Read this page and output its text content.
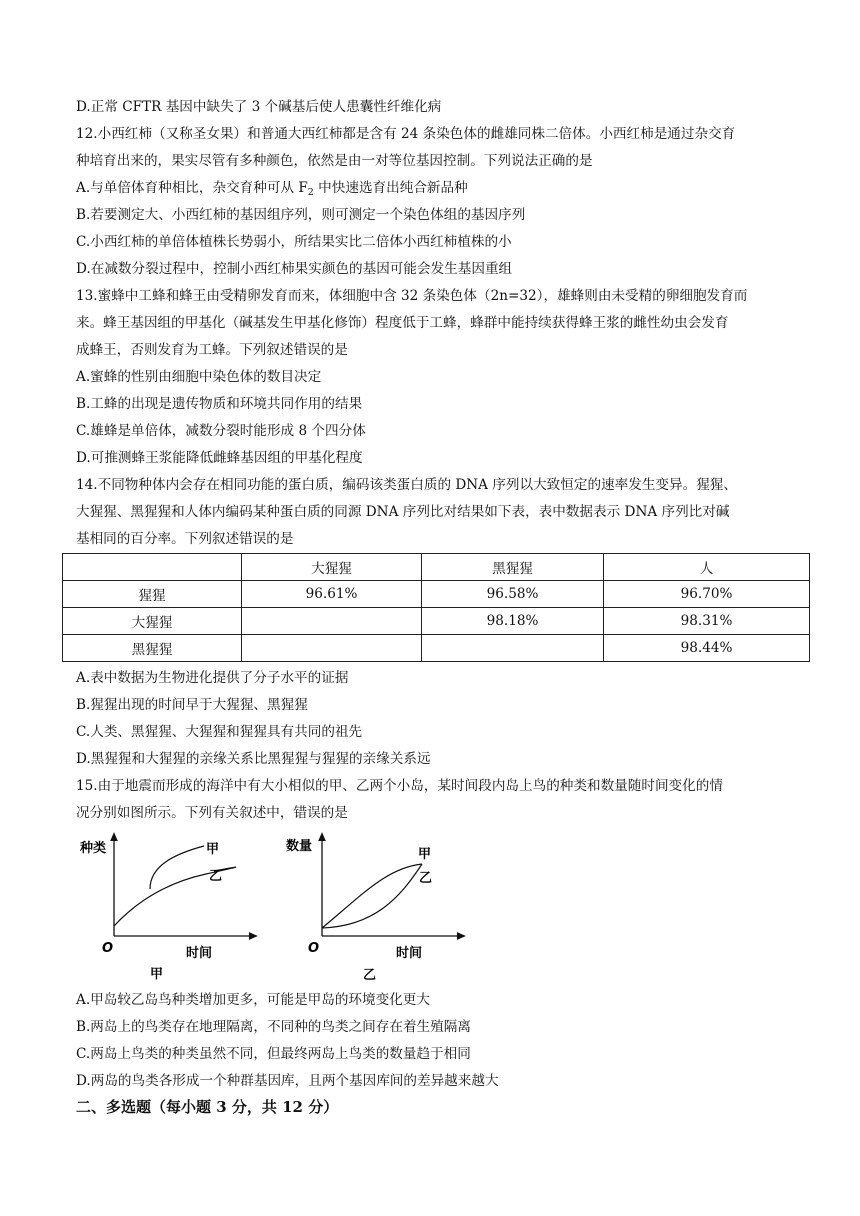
D.正常 CFTR 基因中缺失了 3 个碱基后使人患囊性纤维化病
12.小西红柿（又称圣女果）和普通大西红柿都是含有 24 条染色体的雌雄同株二倍体。小西红柿是通过杂交育
种培育出来的，果实尽管有多种颜色，依然是由一对等位基因控制。下列说法正确的是
A.与单倍体育种相比，杂交育种可从 $F_2$ 中快速选育出纯合新品种
B.若要测定大、小西红柿的基因组序列，则可测定一个染色体组的基因序列
C.小西红柿的单倍体植株长势弱小，所结果实比二倍体小西红柿植株的小
D.在减数分裂过程中，控制小西红柿果实颜色的基因可能会发生基因重组
13.蜜蜂中工蜂和蜂王由受精卵发育而来，体细胞中含 32 条染色体（2n=32），雄蜂则由未受精的卵细胞发育而
来。蜂王基因组的甲基化（碱基发生甲基化修饰）程度低于工蜂，蜂群中能持续获得蜂王浆的雌性幼虫会发育
成蜂王，否则发育为工蜂。下列叙述错误的是
A.蜜蜂的性别由细胞中染色体的数目决定
B.工蜂的出现是遗传物质和环境共同作用的结果
C.雄蜂是单倍体，减数分裂时能形成 8 个四分体
D.可推测蜂王浆能降低雌蜂基因组的甲基化程度
14.不同物种体内会存在相同功能的蛋白质，编码该类蛋白质的 DNA 序列以大致恒定的速率发生变异。猩猩、
大猩猩、黑猩猩和人体内编码某种蛋白质的同源 DNA 序列比对结果如下表，表中数据表示 DNA 序列比对碱
基相同的百分率。下列叙述错误的是
	大猩猩	黑猩猩	人
猩猩	96.61%	96.58%	96.70%
大猩猩		98.18%	98.31%
黑猩猩			98.44%
A.表中数据为生物进化提供了分子水平的证据
B.猩猩出现的时间早于大猩猩、黑猩猩
C.人类、黑猩猩、大猩猩和猩猩具有共同的祖先
D.黑猩猩和大猩猩的亲缘关系比黑猩猩与猩猩的亲缘关系远
15.由于地震而形成的海洋中有大小相似的甲、乙两个小岛，某时间段内岛上鸟的种类和数量随时间变化的情
况分别如图所示。下列有关叙述中，错误的是
种类
时间
O
甲
乙
甲
数量
时间
O
甲
乙
乙
A.甲岛较乙岛鸟种类增加更多，可能是甲岛的环境变化更大
B.两岛上的鸟类存在地理隔离，不同种的鸟类之间存在着生殖隔离
C.两岛上鸟类的种类虽然不同，但最终两岛上鸟类的数量趋于相同
D.两岛的鸟类各形成一个种群基因库，且两个基因库间的差异越来越大
二、多选题（每小题 3 分，共 12 分）
